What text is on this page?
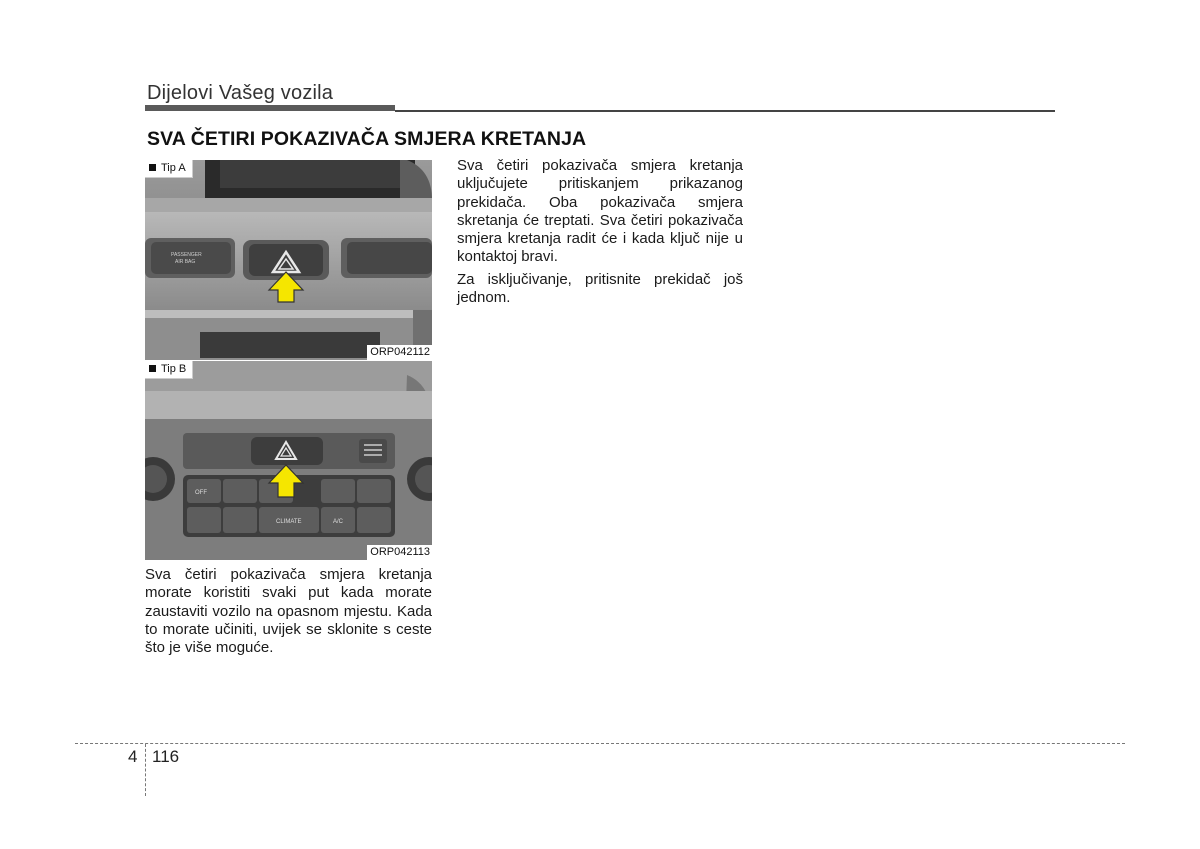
Dijelovi Vašeg vozila
SVA ČETIRI POKAZIVAČA SMJERA KRETANJA
PASSENGER
AIR BAG
Tip A
ORP042112
OFF
CLIMATE	A/C
Tip B
ORP042113

Sva četiri pokazivača smjera kretanja morate koristiti svaki put kada morate zaustaviti vozilo na opasnom mjestu. Kada to morate učiniti, uvijek se sklonite s ceste što je više moguće.

Sva četiri pokazivača smjera kretanja uključujete pritiskanjem prikazanog prekidača. Oba pokazivača smjera skretanja će treptati. Sva četiri pokazivača smjera kretanja radit će i kada ključ nije u kontaktoj bravi.

Za isključivanje, pritisnite prekidač još jednom.

4 116
